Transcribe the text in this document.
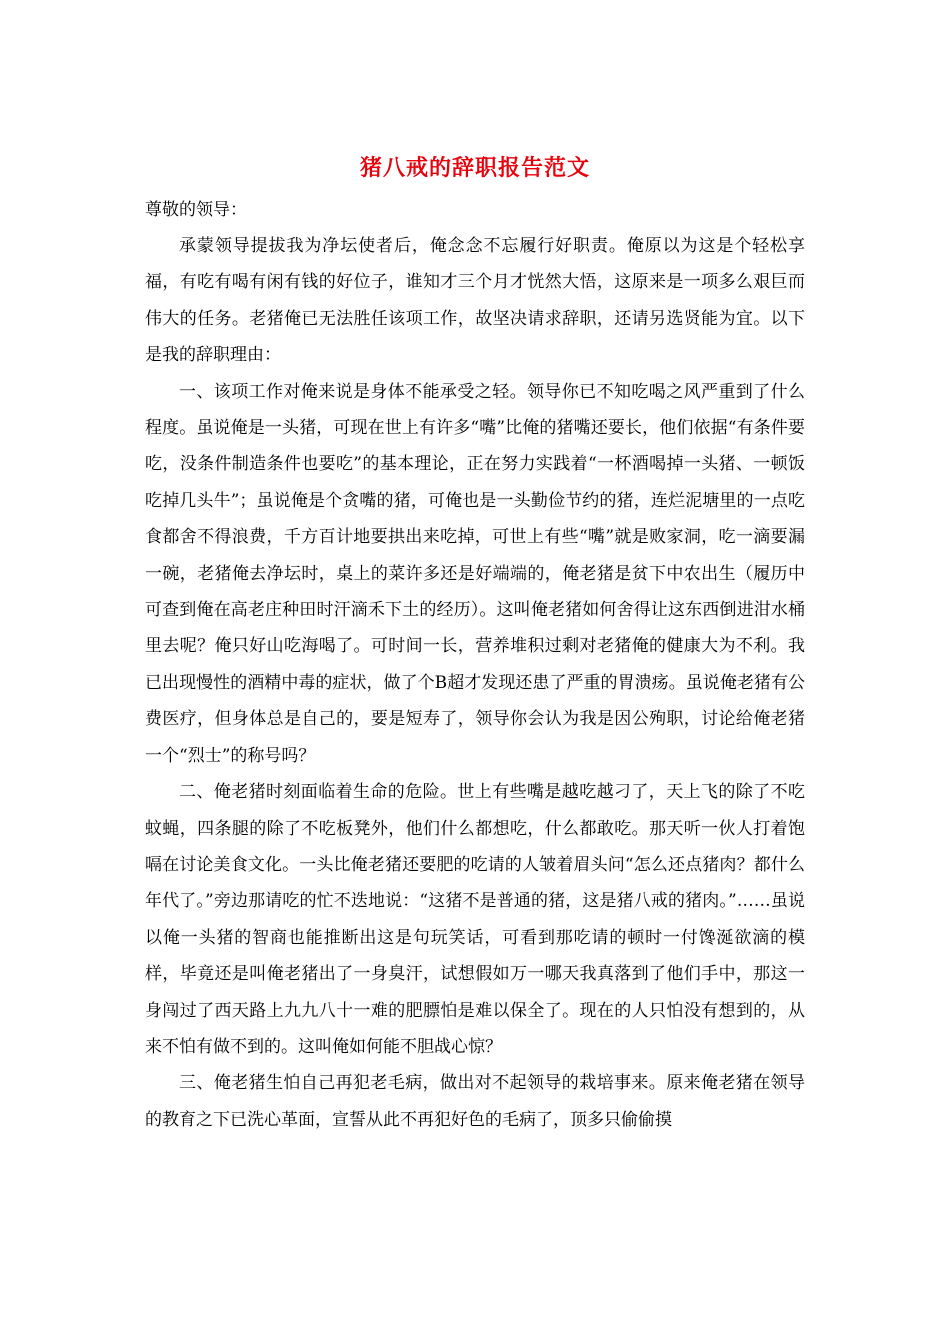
猪八戒的辞职报告范文

尊敬的领导：

承蒙领导提拔我为净坛使者后，俺念念不忘履行好职责。俺原以为这是个轻松享福，有吃有喝有闲有钱的好位子，谁知才三个月才恍然大悟，这原来是一项多么艰巨而伟大的任务。老猪俺已无法胜任该项工作，故坚决请求辞职，还请另选贤能为宜。以下是我的辞职理由：

一、该项工作对俺来说是身体不能承受之轻。领导你已不知吃喝之风严重到了什么程度。虽说俺是一头猪，可现在世上有许多“嘴”比俺的猪嘴还要长，他们依据“有条件要吃，没条件制造条件也要吃”的基本理论，正在努力实践着“一杯酒喝掉一头猪、一顿饭吃掉几头牛”；虽说俺是个贪嘴的猪，可俺也是一头勤俭节约的猪，连烂泥塘里的一点吃食都舍不得浪费，千方百计地要拱出来吃掉，可世上有些“嘴”就是败家洞，吃一滴要漏一碗，老猪俺去净坛时，桌上的菜许多还是好端端的，俺老猪是贫下中农出生（履历中可查到俺在高老庄种田时汗滴禾下土的经历）。这叫俺老猪如何舍得让这东西倒进泔水桶里去呢？俺只好山吃海喝了。可时间一长，营养堆积过剩对老猪俺的健康大为不利。我已出现慢性的酒精中毒的症状，做了个B超才发现还患了严重的胃溃疡。虽说俺老猪有公费医疗，但身体总是自己的，要是短寿了，领导你会认为我是因公殉职，讨论给俺老猪一个“烈士”的称号吗？

二、俺老猪时刻面临着生命的危险。世上有些嘴是越吃越刁了，天上飞的除了不吃蚊蝇，四条腿的除了不吃板凳外，他们什么都想吃，什么都敢吃。那天听一伙人打着饱嗝在讨论美食文化。一头比俺老猪还要肥的吃请的人皱着眉头问“怎么还点猪肉？都什么年代了。”旁边那请吃的忙不迭地说：“这猪不是普通的猪，这是猪八戒的猪肉。”……虽说以俺一头猪的智商也能推断出这是句玩笑话，可看到那吃请的顿时一付馋涎欲滴的模样，毕竟还是叫俺老猪出了一身臭汗，试想假如万一哪天我真落到了他们手中，那这一身闯过了西天路上九九八十一难的肥膘怕是难以保全了。现在的人只怕没有想到的，从来不怕有做不到的。这叫俺如何能不胆战心惊？

三、俺老猪生怕自己再犯老毛病，做出对不起领导的栽培事来。原来俺老猪在领导的教育之下已洗心革面，宣誓从此不再犯好色的毛病了，顶多只偷偷摸
